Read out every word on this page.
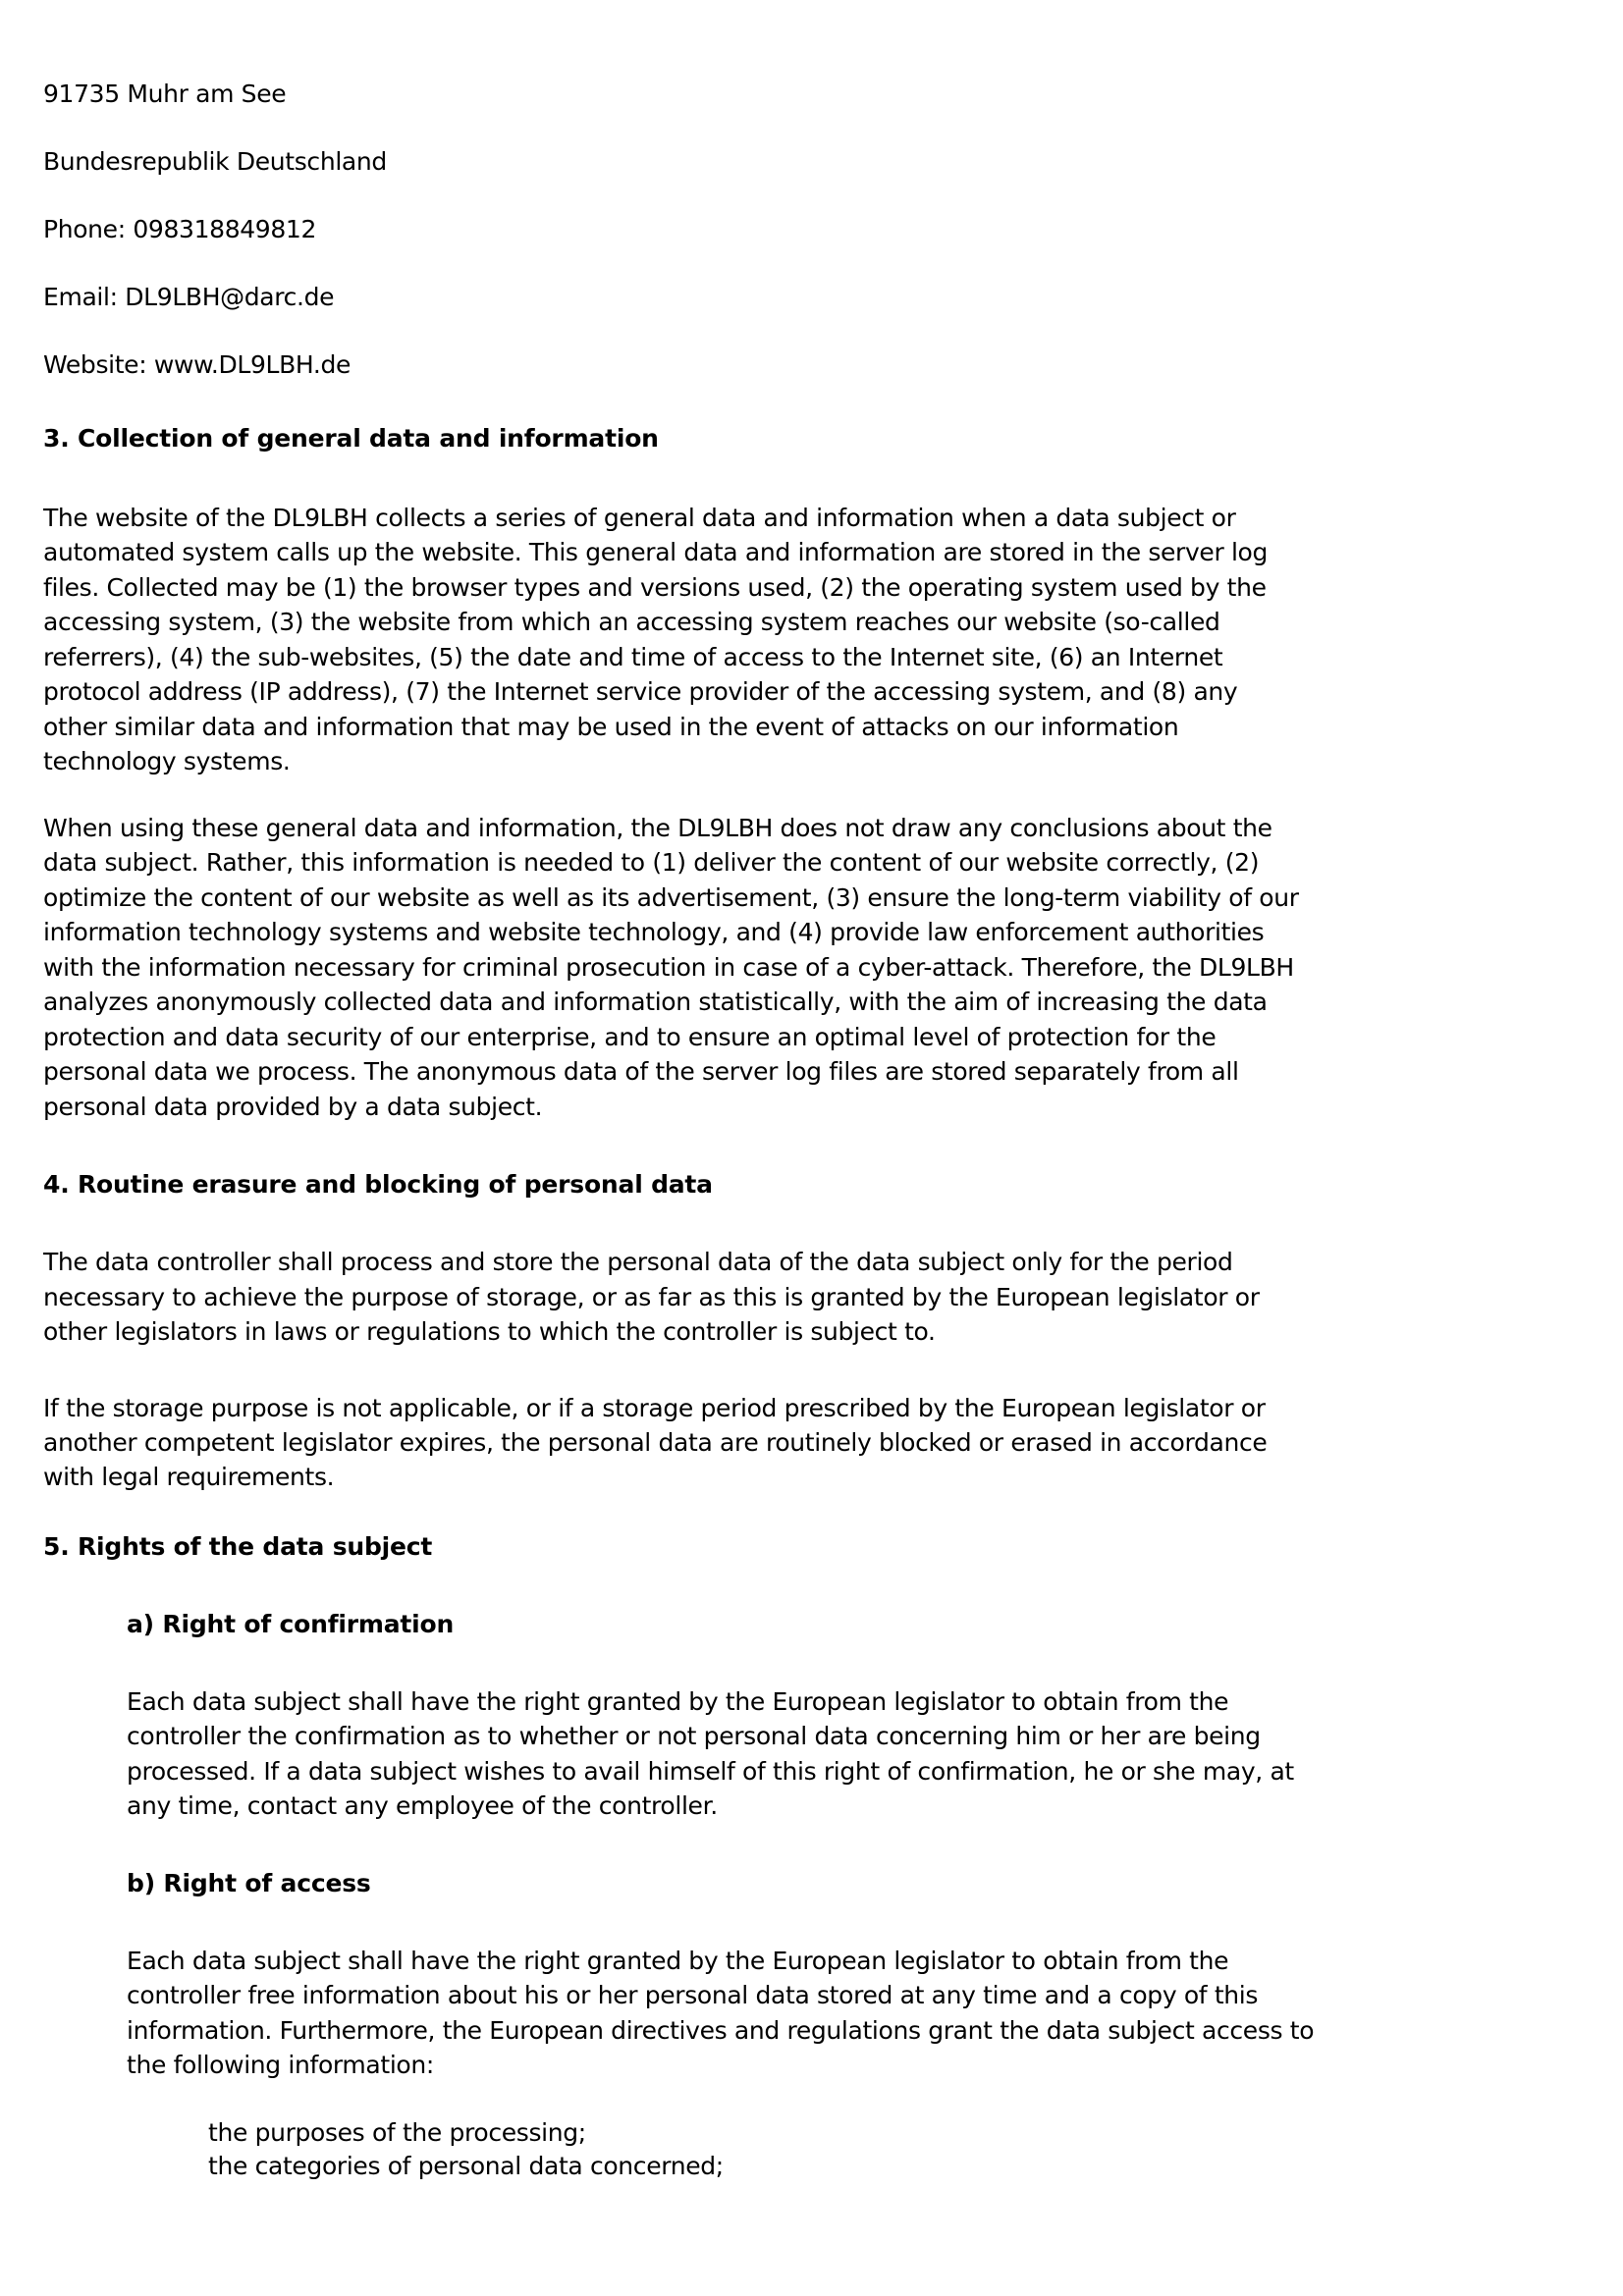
91735 Muhr am See
Bundesrepublik Deutschland
Phone: 098318849812
Email: DL9LBH@darc.de
Website: www.DL9LBH.de
3. Collection of general data and information
The website of the DL9LBH collects a series of general data and information when a data subject or
automated system calls up the website. This general data and information are stored in the server log
files. Collected may be (1) the browser types and versions used, (2) the operating system used by the
accessing system, (3) the website from which an accessing system reaches our website (so-called
referrers), (4) the sub-websites, (5) the date and time of access to the Internet site, (6) an Internet
protocol address (IP address), (7) the Internet service provider of the accessing system, and (8) any
other similar data and information that may be used in the event of attacks on our information
technology systems.
When using these general data and information, the DL9LBH does not draw any conclusions about the
data subject. Rather, this information is needed to (1) deliver the content of our website correctly, (2)
optimize the content of our website as well as its advertisement, (3) ensure the long-term viability of our
information technology systems and website technology, and (4) provide law enforcement authorities
with the information necessary for criminal prosecution in case of a cyber-attack. Therefore, the DL9LBH
analyzes anonymously collected data and information statistically, with the aim of increasing the data
protection and data security of our enterprise, and to ensure an optimal level of protection for the
personal data we process. The anonymous data of the server log files are stored separately from all
personal data provided by a data subject.
4. Routine erasure and blocking of personal data
The data controller shall process and store the personal data of the data subject only for the period
necessary to achieve the purpose of storage, or as far as this is granted by the European legislator or
other legislators in laws or regulations to which the controller is subject to.
If the storage purpose is not applicable, or if a storage period prescribed by the European legislator or
another competent legislator expires, the personal data are routinely blocked or erased in accordance
with legal requirements.
5. Rights of the data subject
a) Right of confirmation
Each data subject shall have the right granted by the European legislator to obtain from the
controller the confirmation as to whether or not personal data concerning him or her are being
processed. If a data subject wishes to avail himself of this right of confirmation, he or she may, at
any time, contact any employee of the controller.
b) Right of access
Each data subject shall have the right granted by the European legislator to obtain from the
controller free information about his or her personal data stored at any time and a copy of this
information. Furthermore, the European directives and regulations grant the data subject access to
the following information:
the purposes of the processing;
the categories of personal data concerned;
